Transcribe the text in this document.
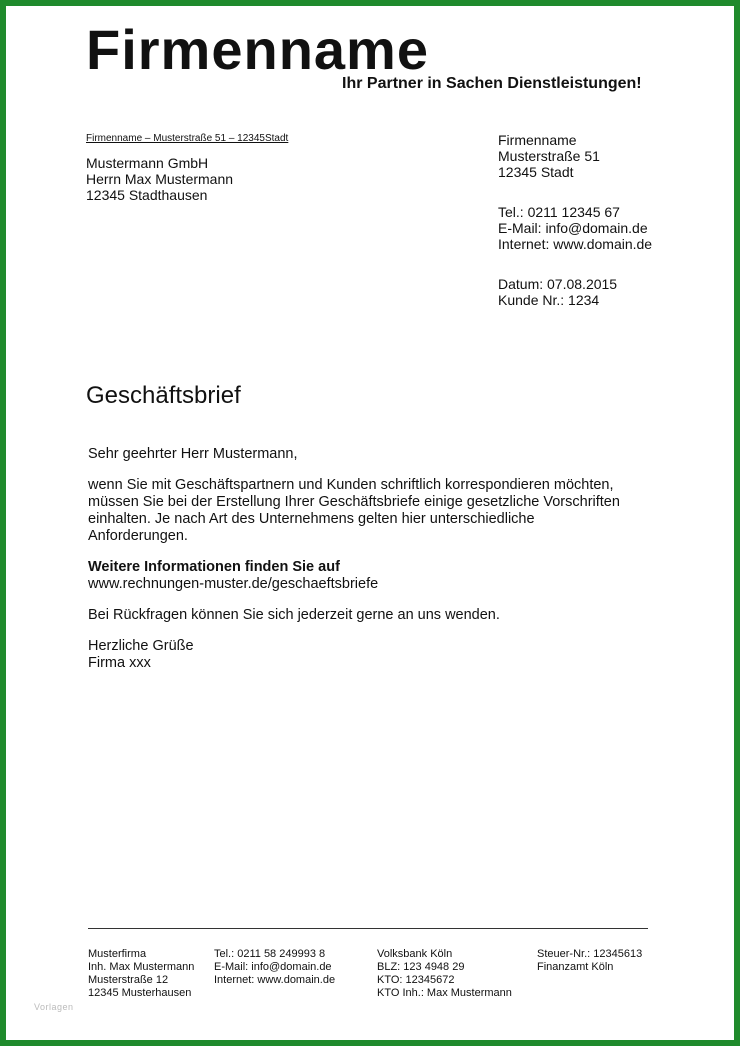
Firmenname
Ihr Partner in Sachen Dienstleistungen!
Firmenname – Musterstraße 51 – 12345Stadt
Mustermann GmbH
Herrn Max Mustermann
12345 Stadthausen
Firmenname
Musterstraße 51
12345 Stadt
Tel.: 0211 12345 67
E-Mail: info@domain.de
Internet: www.domain.de
Datum: 07.08.2015
Kunde Nr.: 1234
Geschäftsbrief

Sehr geehrter Herr Mustermann,

wenn Sie mit Geschäftspartnern und Kunden schriftlich korrespondieren möchten,
müssen Sie bei der Erstellung Ihrer Geschäftsbriefe einige gesetzliche Vorschriften
einhalten. Je nach Art des Unternehmens gelten hier unterschiedliche
Anforderungen.

Weitere Informationen finden Sie auf
www.rechnungen-muster.de/geschaeftsbriefe

Bei Rückfragen können Sie sich jederzeit gerne an uns wenden.

Herzliche Grüße
Firma xxx

Musterfirma
Inh. Max Mustermann
Musterstraße 12
12345 Musterhausen
Tel.: 0211 58 249993 8
E-Mail: info@domain.de
Internet: www.domain.de
Volksbank Köln
BLZ: 123 4948 29
KTO: 12345672
KTO Inh.: Max Mustermann
Steuer-Nr.: 12345613
Finanzamt Köln
Vorlagen
